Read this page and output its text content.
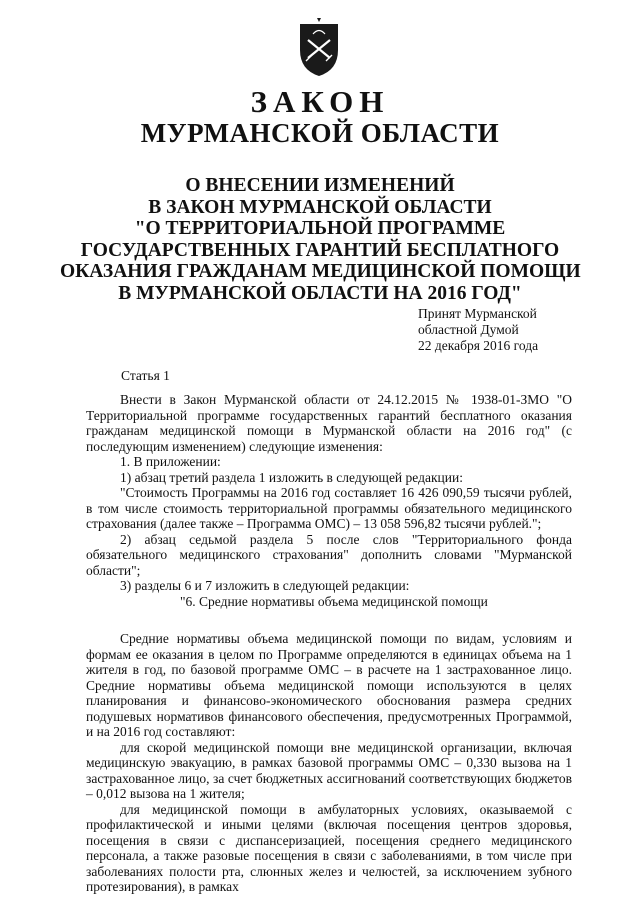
ЗАКОН
МУРМАНСКОЙ ОБЛАСТИ
О ВНЕСЕНИИ ИЗМЕНЕНИЙ
В ЗАКОН МУРМАНСКОЙ ОБЛАСТИ
"О ТЕРРИТОРИАЛЬНОЙ ПРОГРАММЕ
ГОСУДАРСТВЕННЫХ ГАРАНТИЙ БЕСПЛАТНОГО
ОКАЗАНИЯ ГРАЖДАНАМ МЕДИЦИНСКОЙ ПОМОЩИ
В МУРМАНСКОЙ ОБЛАСТИ НА 2016 ГОД"
Принят Мурманской
областной Думой
22 декабря 2016 года
Статья 1

Внести в Закон Мурманской области от 24.12.2015 № 1938-01-ЗМО "О Территориальной программе государственных гарантий бесплатного оказания гражданам медицинской помощи в Мурманской области на 2016 год" (с последующим изменением) следующие изменения:

1. В приложении:

1) абзац третий раздела 1 изложить в следующей редакции:

"Стоимость Программы на 2016 год составляет 16 426 090,59 тысячи рублей, в том числе стоимость территориальной программы обязательного медицинского страхования (далее также – Программа ОМС) – 13 058 596,82 тысячи рублей.";

2) абзац седьмой раздела 5 после слов "Территориального фонда обязательного медицинского страхования" дополнить словами "Мурманской области";

3) разделы 6 и 7 изложить в следующей редакции:

"6. Средние нормативы объема медицинской помощи

Средние нормативы объема медицинской помощи по видам, условиям и формам ее оказания в целом по Программе определяются в единицах объема на 1 жителя в год, по базовой программе ОМС – в расчете на 1 застрахованное лицо. Средние нормативы объема медицинской помощи используются в целях планирования и финансово-экономического обоснования размера средних подушевых нормативов финансового обеспечения, предусмотренных Программой, и на 2016 год составляют:

для скорой медицинской помощи вне медицинской организации, включая медицинскую эвакуацию, в рамках базовой программы ОМС – 0,330 вызова на 1 застрахованное лицо, за счет бюджетных ассигнований соответствующих бюджетов – 0,012 вызова на 1 жителя;

для медицинской помощи в амбулаторных условиях, оказываемой с профилактической и иными целями (включая посещения центров здоровья, посещения в связи с диспансеризацией, посещения среднего медицинского персонала, а также разовые посещения в связи с заболеваниями, в том числе при заболеваниях полости рта, слюнных желез и челюстей, за исключением зубного протезирования), в рамках
